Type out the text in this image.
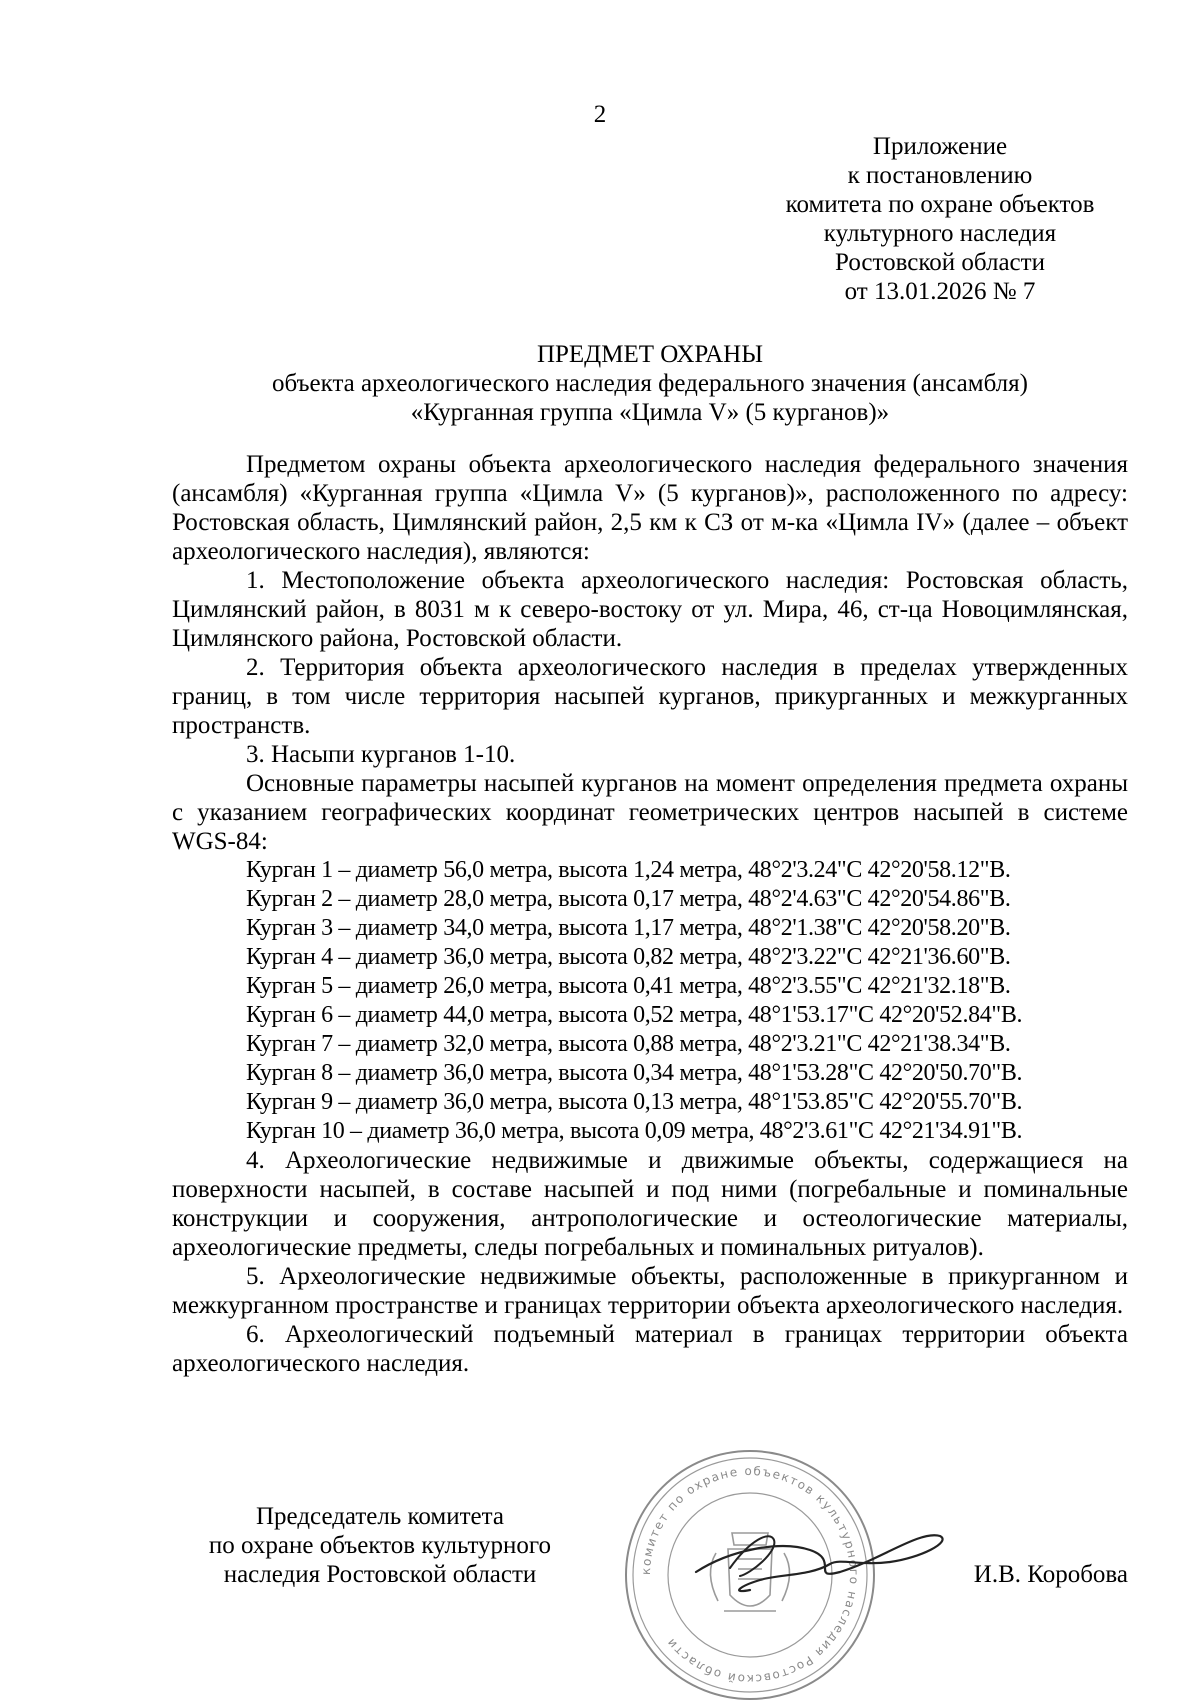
2
Приложение
к постановлению
комитета по охране объектов
культурного наследия
Ростовской области
от 13.01.2026 № 7
ПРЕДМЕТ ОХРАНЫ
объекта археологического наследия федерального значения (ансамбля)
«Курганная группа «Цимла V» (5 курганов)»

Предметом охраны объекта археологического наследия федерального значения (ансамбля) «Курганная группа «Цимла V» (5 курганов)», расположенного по адресу: Ростовская область, Цимлянский район, 2,5 км к СЗ от м-ка «Цимла IV» (далее – объект археологического наследия), являются:

1. Местоположение объекта археологического наследия: Ростовская область, Цимлянский район, в 8031 м к северо-востоку от ул. Мира, 46, ст-ца Новоцимлянская, Цимлянского района, Ростовской области.

2. Территория объекта археологического наследия в пределах утвержденных границ, в том числе территория насыпей курганов, прикурганных и межкурганных пространств.

3. Насыпи курганов 1-10.

Основные параметры насыпей курганов на момент определения предмета охраны с указанием географических координат геометрических центров насыпей в системе WGS-84:

Курган 1 – диаметр 56,0 метра, высота 1,24 метра, 48°2'3.24"С 42°20'58.12"В.
Курган 2 – диаметр 28,0 метра, высота 0,17 метра, 48°2'4.63"С 42°20'54.86"В.
Курган 3 – диаметр 34,0 метра, высота 1,17 метра, 48°2'1.38"С 42°20'58.20"В.
Курган 4 – диаметр 36,0 метра, высота 0,82 метра, 48°2'3.22"С 42°21'36.60"В.
Курган 5 – диаметр 26,0 метра, высота 0,41 метра, 48°2'3.55"С 42°21'32.18"В.
Курган 6 – диаметр 44,0 метра, высота 0,52 метра, 48°1'53.17"С 42°20'52.84"В.
Курган 7 – диаметр 32,0 метра, высота 0,88 метра, 48°2'3.21"С 42°21'38.34"В.
Курган 8 – диаметр 36,0 метра, высота 0,34 метра, 48°1'53.28"С 42°20'50.70"В.
Курган 9 – диаметр 36,0 метра, высота 0,13 метра, 48°1'53.85"С 42°20'55.70"В.
Курган 10 – диаметр 36,0 метра, высота 0,09 метра, 48°2'3.61"С 42°21'34.91"В.

4. Археологические недвижимые и движимые объекты, содержащиеся на поверхности насыпей, в составе насыпей и под ними (погребальные и поминальные конструкции и сооружения, антропологические и остеологические материалы, археологические предметы, следы погребальных и поминальных ритуалов).

5. Археологические недвижимые объекты, расположенные в прикурганном и межкурганном пространстве и границах территории объекта археологического наследия.

6. Археологический подъемный материал в границах территории объекта археологического наследия.

Председатель комитета
по охране объектов культурного
наследия Ростовской области	комитет по охране объектов культурного наследия Ростовской области
И.В. Коробова
